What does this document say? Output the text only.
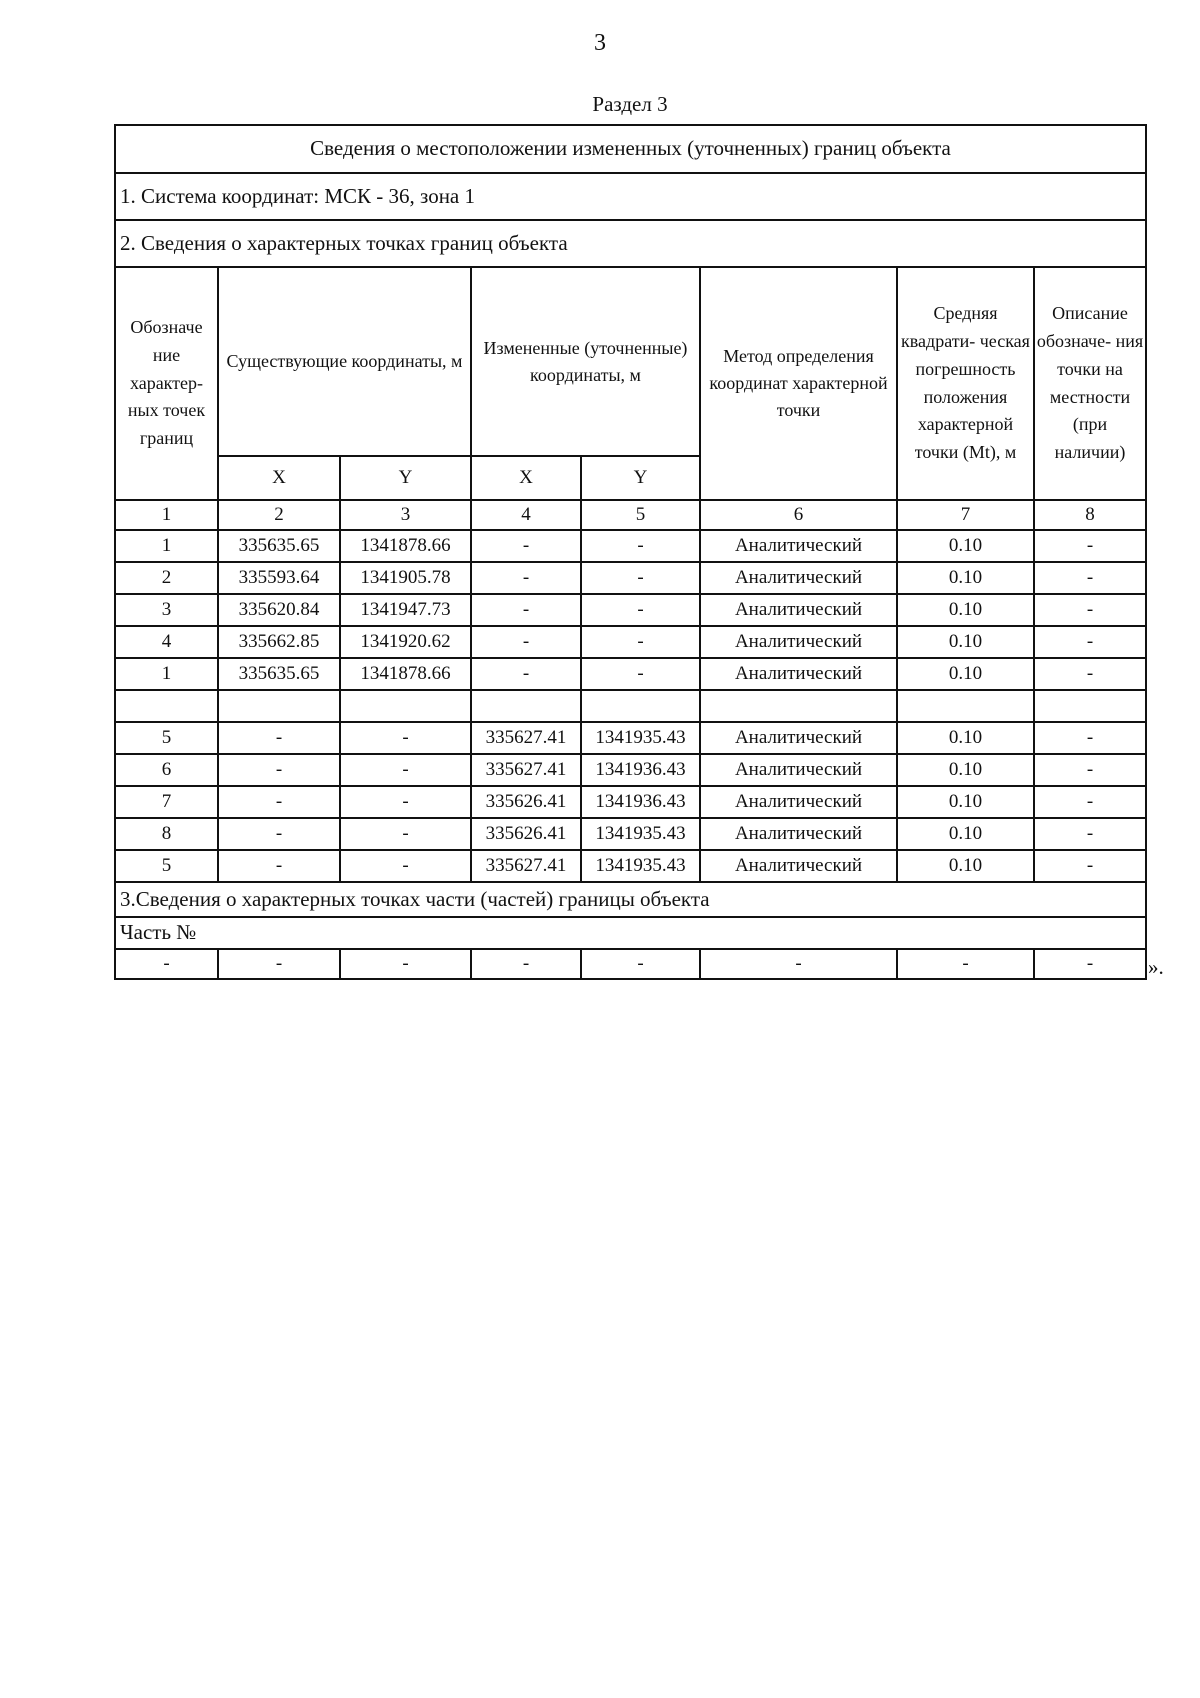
3
Раздел 3
Сведения о местоположении измененных (уточненных) границ объекта							
1. Система координат: МСК - 36, зона 1							
2. Сведения о характерных точках границ объекта							
Обозначе ние характер- ных точек границ	Существующие координаты, м		Измененные (уточненные) координаты, м		Метод определения координат характерной точки	Средняя квадрати- ческая погрешность положения характерной точки (Mt), м	Описание обозначе- ния точки на местности (при наличии)
	X	Y	X	Y			
1	2	3	4	5	6	7	8
1	335635.65	1341878.66	-	-	Аналитический	0.10	-
2	335593.64	1341905.78	-	-	Аналитический	0.10	-
3	335620.84	1341947.73	-	-	Аналитический	0.10	-
4	335662.85	1341920.62	-	-	Аналитический	0.10	-
1	335635.65	1341878.66	-	-	Аналитический	0.10	-

5	-	-	335627.41	1341935.43	Аналитический	0.10	-
6	-	-	335627.41	1341936.43	Аналитический	0.10	-
7	-	-	335626.41	1341936.43	Аналитический	0.10	-
8	-	-	335626.41	1341935.43	Аналитический	0.10	-
5	-	-	335627.41	1341935.43	Аналитический	0.10	-
3.Сведения о характерных точках части (частей) границы объекта							
Часть №							
-	-	-	-	-	-	-	-	».
